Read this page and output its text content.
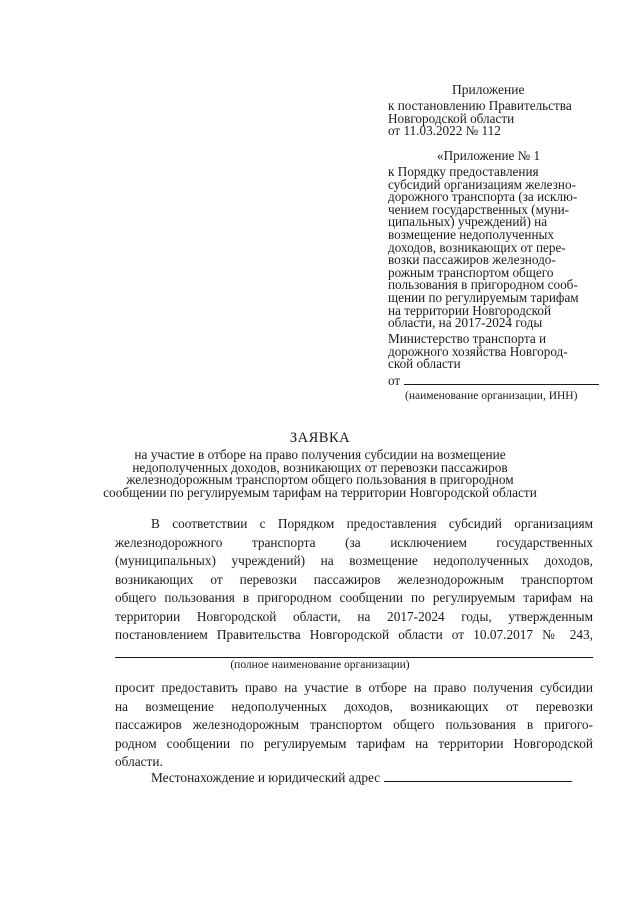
Приложение
к постановлению Правительства
Новгородской области
от 11.03.2022 № 112
«Приложение № 1
к Порядку предоставления
субсидий организациям железно-
дорожного транспорта (за исклю-
чением государственных (муни-
ципальных) учреждений) на
возмещение недополученных
доходов, возникающих от пере-
возки пассажиров железнодо-
рожным транспортом общего
пользования в пригородном сооб-
щении по регулируемым тарифам
на территории Новгородской
области, на 2017-2024 годы
Министерство транспорта и
дорожного хозяйства Новгород-
ской области
от
(наименование организации, ИНН)
ЗАЯВКА
на участие в отборе на право получения субсидии на возмещение
недополученных доходов, возникающих от перевозки пассажиров
железнодорожным транспортом общего пользования в пригородном
сообщении по регулируемым тарифам на территории Новгородской области
В соответствии с Порядком предоставления субсидий организациям
железнодорожного транспорта (за исключением государственных
(муниципальных) учреждений) на возмещение недополученных доходов,
возникающих от перевозки пассажиров железнодорожным транспортом
общего пользования в пригородном сообщении по регулируемым тарифам на
территории Новгородской области, на 2017-2024 годы, утвержденным
постановлением Правительства Новгородской области от 10.07.2017 № 243,
(полное наименование организации)
просит предоставить право на участие в отборе на право получения субсидии
на возмещение недополученных доходов, возникающих от перевозки
пассажиров железнодорожным транспортом общего пользования в пригого-
родном сообщении по регулируемым тарифам на территории Новгородской
области.
Местонахождение и юридический адрес
